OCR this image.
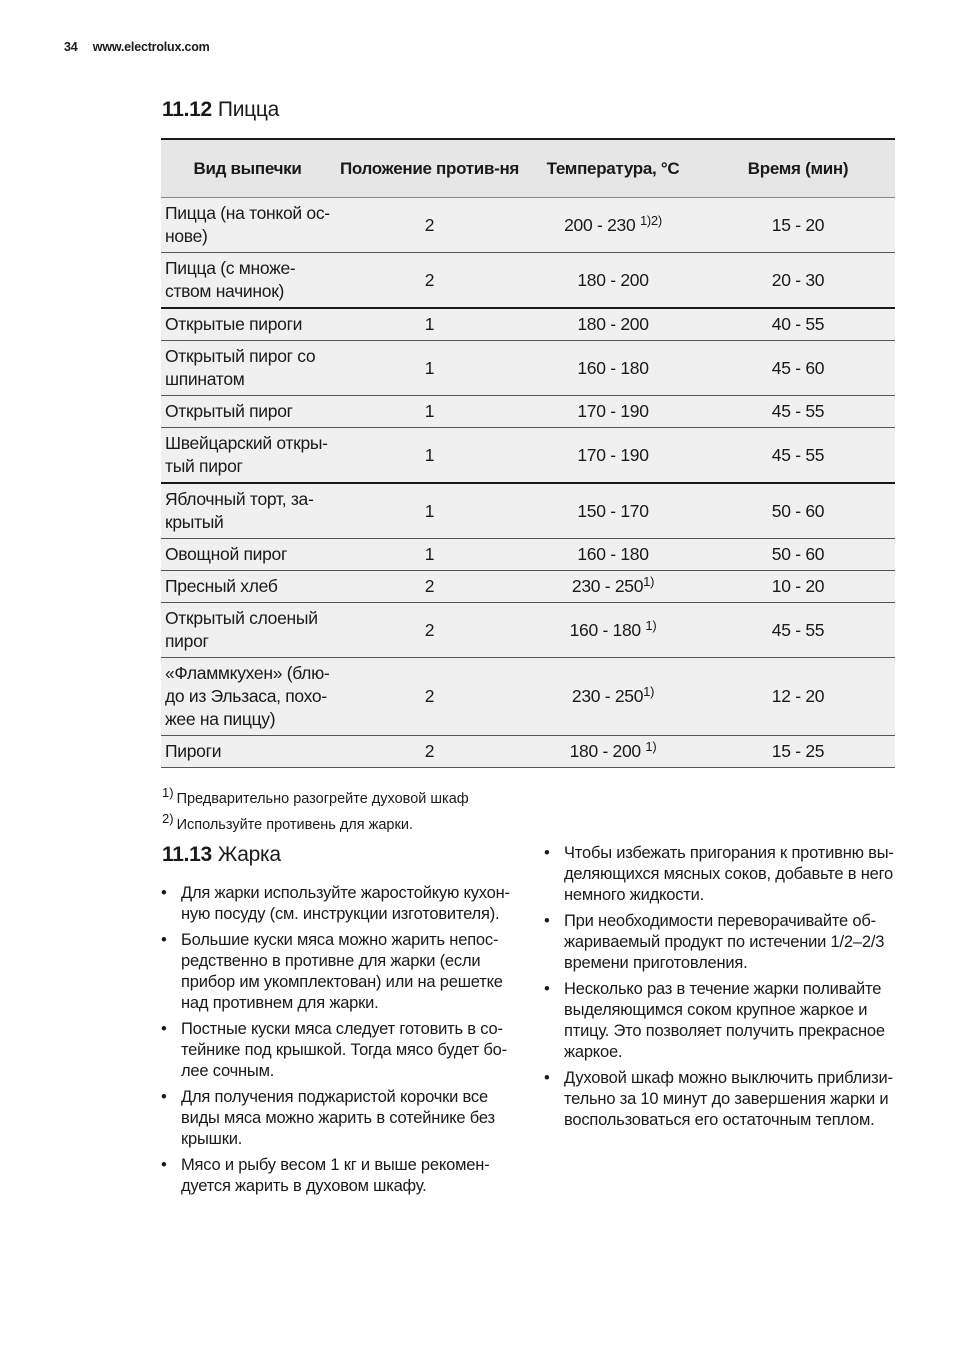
34 www.electrolux.com
11.12 Пицца
Вид выпечки	Положение против-ня	Температура, °C	Время (мин)
Пицца (на тонкой ос-нове)	2	200 - 230 $^{1)2)}$	15 - 20
Пицца (с множе-ством начинок)	2	180 - 200	20 - 30
Открытые пироги	1	180 - 200	40 - 55
Открытый пирог со шпинатом	1	160 - 180	45 - 60
Открытый пирог	1	170 - 190	45 - 55
Швейцарский откры-тый пирог	1	170 - 190	45 - 55
Яблочный торт, за-крытый	1	150 - 170	50 - 60
Овощной пирог	1	160 - 180	50 - 60
Пресный хлеб	2	230 - 250$^{1)}$	10 - 20
Открытый слоеный пирог	2	160 - 180 $^{1)}$	45 - 55
«Фламмкухен» (блю-до из Эльзаса, похо-жее на пиццу)	2	230 - 250$^{1)}$	12 - 20
Пироги	2	180 - 200 $^{1)}$	15 - 25
$^{1)}$ Предварительно разогрейте духовой шкаф
$^{2)}$ Используйте противень для жарки.
11.13 Жарка
• Для жарки используйте жаростойкую кухон-ную посуду (см. инструкции изготовителя).
• Большие куски мяса можно жарить непос-редственно в противне для жарки (если прибор им укомплектован) или на решетке над противнем для жарки.
• Постные куски мяса следует готовить в со-тейнике под крышкой. Тогда мясо будет бо-лее сочным.
• Для получения поджаристой корочки все виды мяса можно жарить в сотейнике без крышки.
• Мясо и рыбу весом 1 кг и выше рекомен-дуется жарить в духовом шкафу.
• Чтобы избежать пригорания к противню вы-деляющихся мясных соков, добавьте в него немного жидкости.
• При необходимости переворачивайте об-жариваемый продукт по истечении 1/2–2/3 времени приготовления.
• Несколько раз в течение жарки поливайте выделяющимся соком крупное жаркое и птицу. Это позволяет получить прекрасное жаркое.
• Духовой шкаф можно выключить приблизи-тельно за 10 минут до завершения жарки и воспользоваться его остаточным теплом.
